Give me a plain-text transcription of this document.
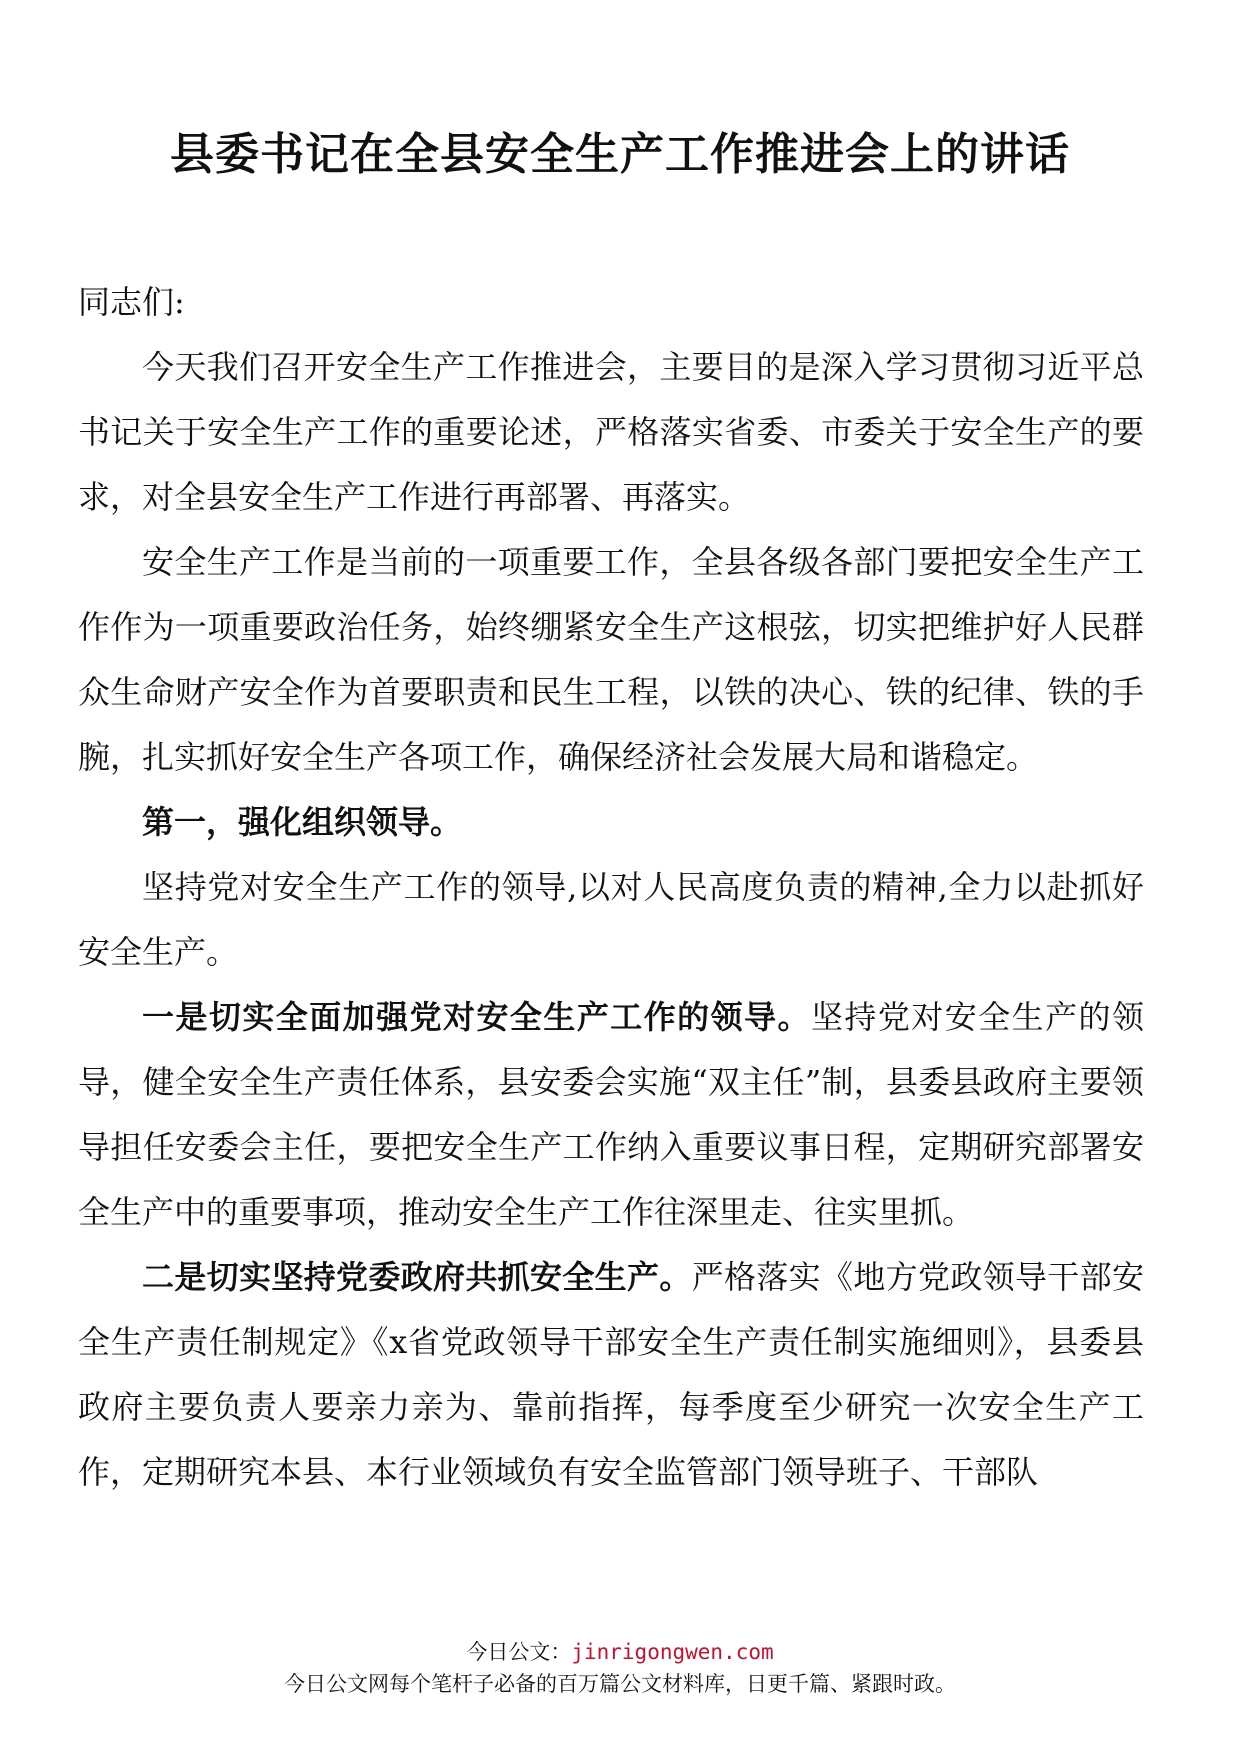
县委书记在全县安全生产工作推进会上的讲话

同志们:

今天我们召开安全生产工作推进会，主要目的是深入学习贯彻习近平总书记关于安全生产工作的重要论述，严格落实省委、市委关于安全生产的要求，对全县安全生产工作进行再部署、再落实。

安全生产工作是当前的一项重要工作，全县各级各部门要把安全生产工作作为一项重要政治任务，始终绷紧安全生产这根弦，切实把维护好人民群众生命财产安全作为首要职责和民生工程，以铁的决心、铁的纪律、铁的手腕，扎实抓好安全生产各项工作，确保经济社会发展大局和谐稳定。

第一，强化组织领导。

坚持党对安全生产工作的领导,以对人民高度负责的精神,全力以赴抓好安全生产。

一是切实全面加强党对安全生产工作的领导。坚持党对安全生产的领导，健全安全生产责任体系，县安委会实施“双主任”制，县委县政府主要领导担任安委会主任，要把安全生产工作纳入重要议事日程，定期研究部署安全生产中的重要事项，推动安全生产工作往深里走、往实里抓。

二是切实坚持党委政府共抓安全生产。严格落实《地方党政领导干部安全生产责任制规定》《x省党政领导干部安全生产责任制实施细则》，县委县政府主要负责人要亲力亲为、靠前指挥，每季度至少研究一次安全生产工作，定期研究本县、本行业领域负有安全监管部门领导班子、干部队

今日公文：jinrigongwen.com
今日公文网每个笔杆子必备的百万篇公文材料库，日更千篇、紧跟时政。
